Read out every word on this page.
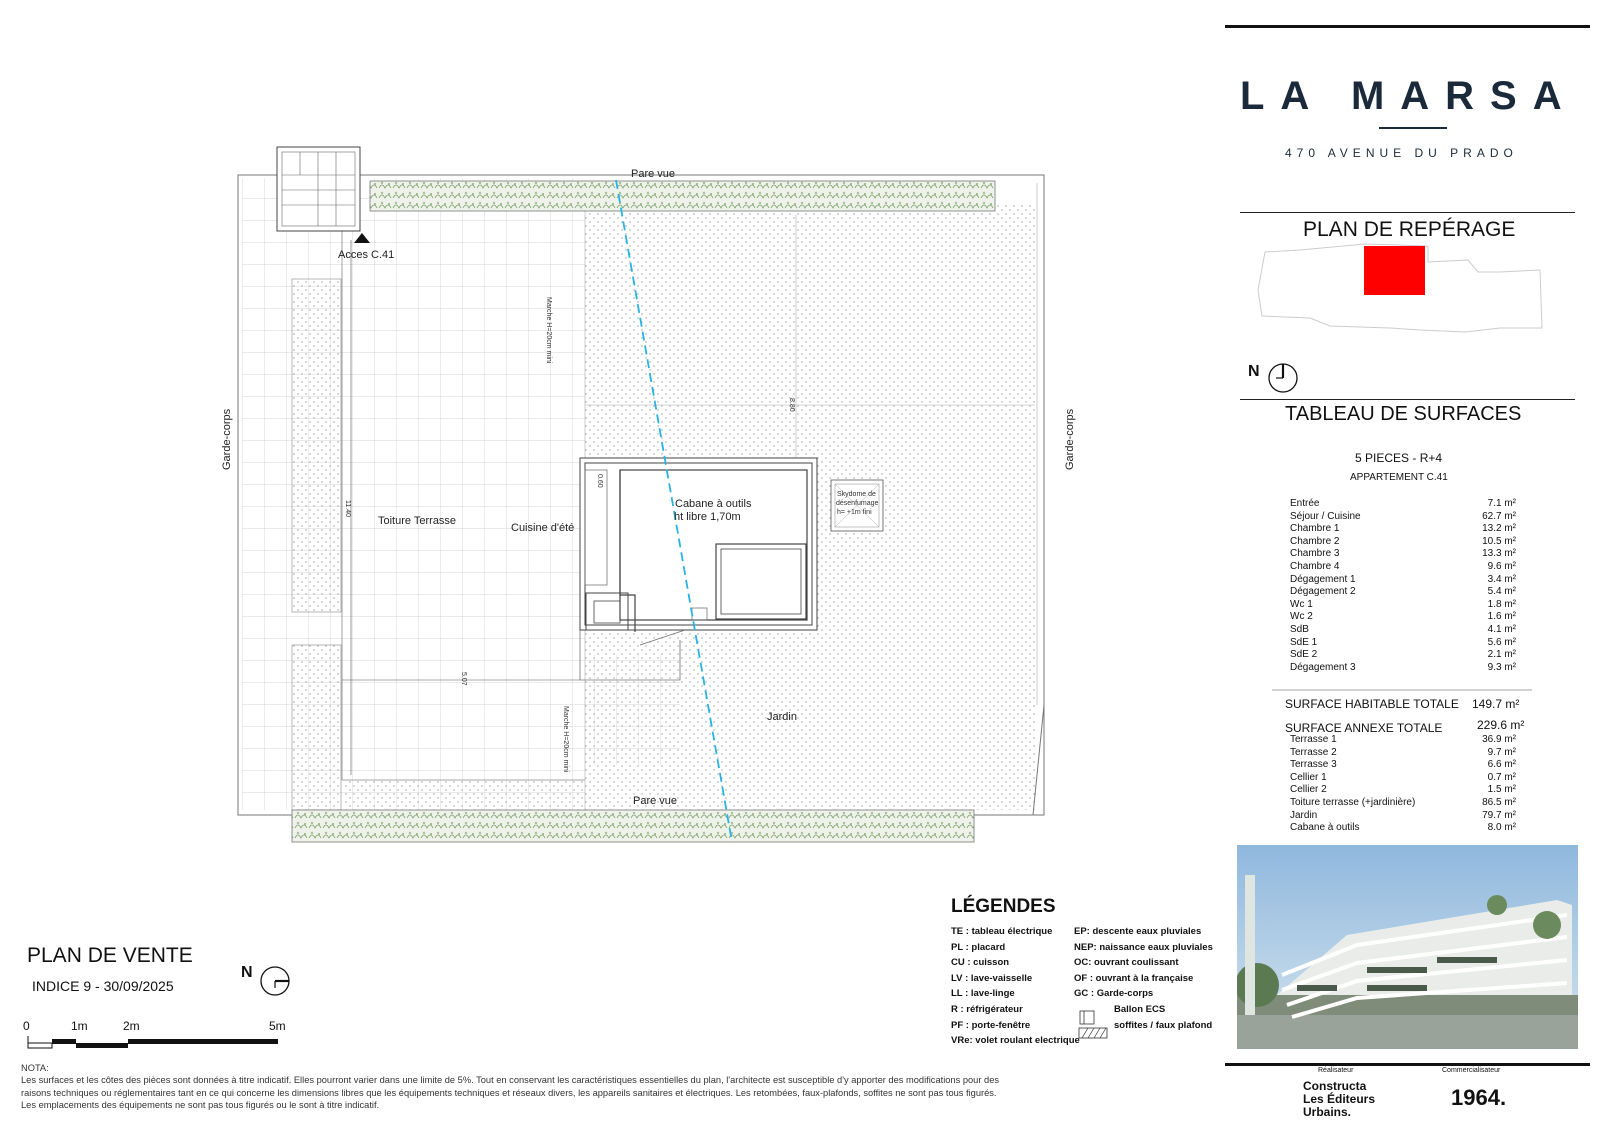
Pare vue
Pare vue
Acces C.41
Garde-corps	Garde-corps
Toiture Terrasse
Cuisine d'été
Cabane à outils
ht libre 1,70m
Jardin
Marche H=20cm mini
Marche H=20cm mini
11.40
5.07
8.80
0.60
Skydome de
désenfumage
h= +1m fini
LA MARSA
470 AVENUE DU PRADO
PLAN DE REPÉRAGE
N
TABLEAU DE SURFACES
5 PIECES - R+4
APPARTEMENT C.41
Entrée	7.1 m²
Séjour / Cuisine	62.7 m²
Chambre 1	13.2 m²
Chambre 2	10.5 m²
Chambre 3	13.3 m²
Chambre 4	9.6 m²
Dégagement 1	3.4 m²
Dégagement 2	5.4 m²
Wc 1	1.8 m²
Wc 2	1.6 m²
SdB	4.1 m²
SdE 1	5.6 m²
SdE 2	2.1 m²
Dégagement 3	9.3 m²
SURFACE HABITABLE TOTALE 149.7 m²
SURFACE ANNEXE TOTALE	229.6 m²
Terrasse 1	36.9 m²
Terrasse 2	9.7 m²
Terrasse 3	6.6 m²
Cellier 1	0.7 m²
Cellier 2	1.5 m²
Toiture terrasse (+jardinière)	86.5 m²
Jardin	79.7 m²
Cabane à outils	8.0 m²
Réalisateur	Commercialisateur
Constructa
Les Éditeurs
Urbains.
1964.
LÉGENDES
TE : tableau électrique
PL : placard
CU : cuisson
LV : lave-vaisselle
LL : lave-linge
R : réfrigérateur
PF : porte-fenêtre
VRe: volet roulant electrique
EP: descente eaux pluviales
NEP: naissance eaux pluviales
OC: ouvrant coulissant
OF : ouvrant à la française
GC : Garde-corps
Ballon ECS
soffites / faux plafond
PLAN DE VENTE
INDICE 9 - 30/09/2025
N
0	1m	2m	5m
NOTA:
Les surfaces et les côtes des pièces sont données à titre indicatif. Elles pourront varier dans une limite de 5%. Tout en conservant les caractéristiques essentielles du plan, l'architecte est susceptible d'y apporter des modifications pour des
raisons techniques ou réglementaires tant en ce qui concerne les dimensions libres que les équipements techniques et réseaux divers, les appareils sanitaires et électriques. Les retombées, faux-plafonds, soffites ne sont pas tous figurés.
Les emplacements des équipements ne sont pas tous figurés ou le sont à titre indicatif.
